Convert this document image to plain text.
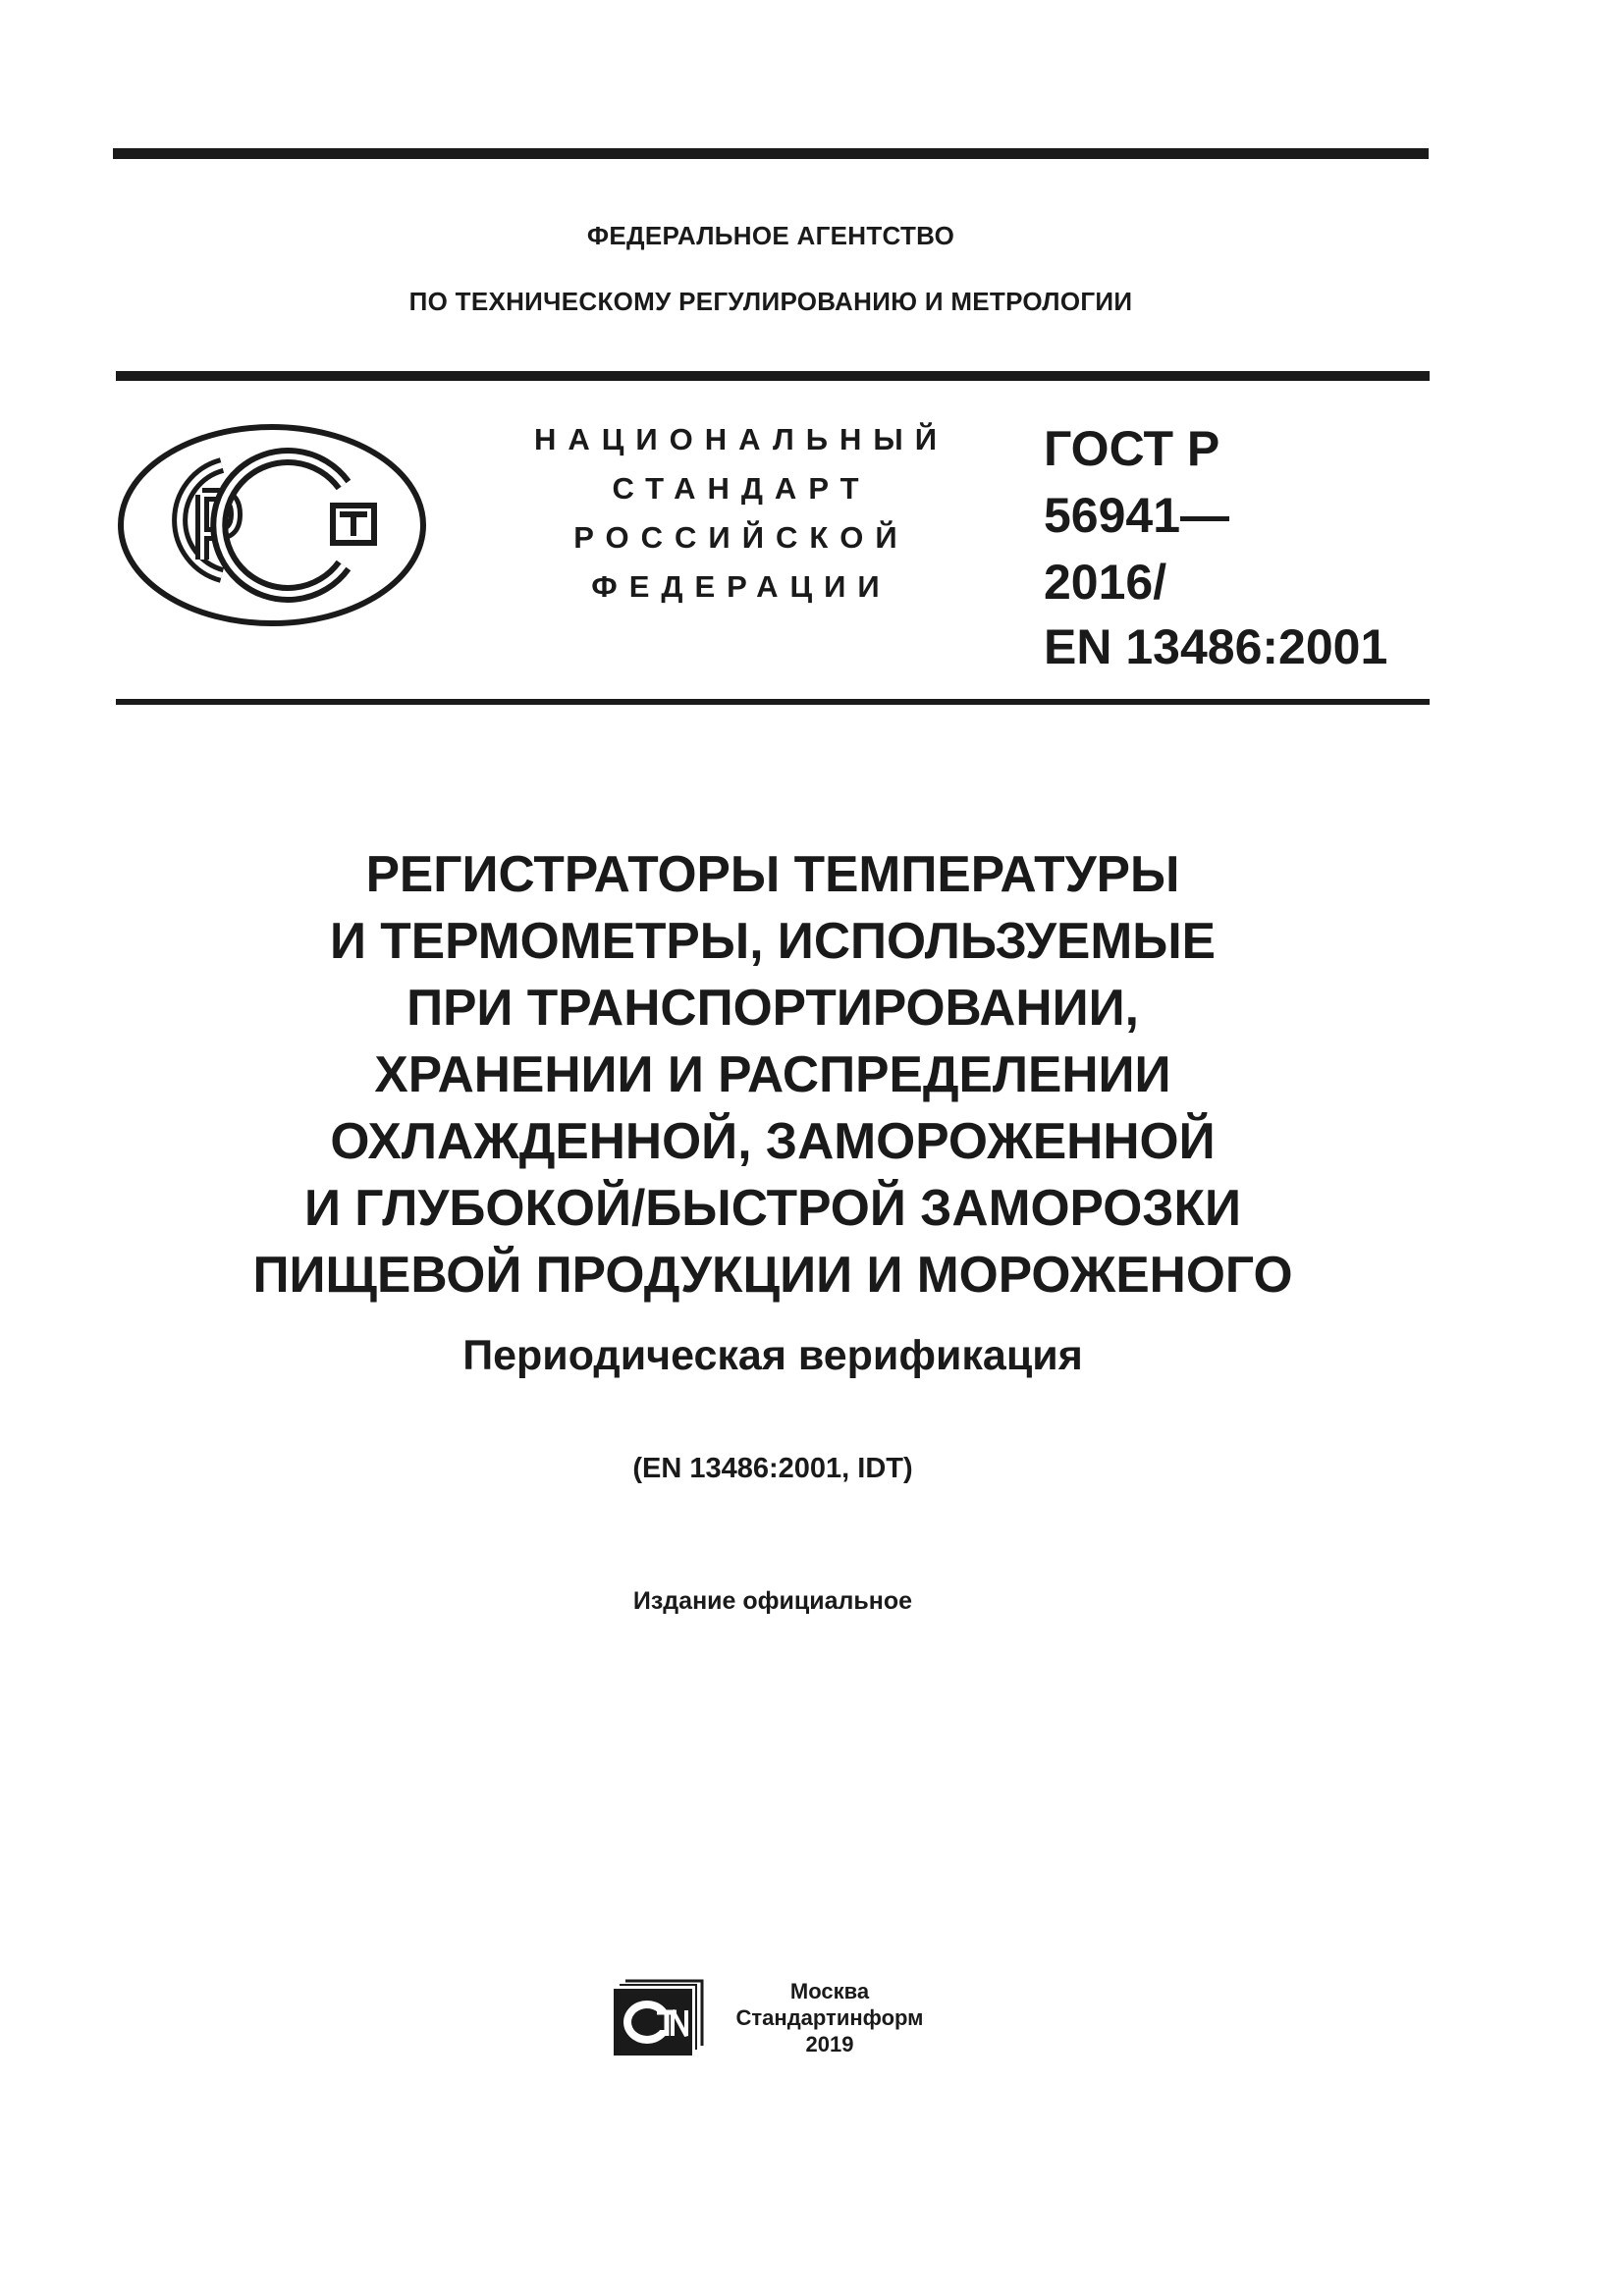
ФЕДЕРАЛЬНОЕ АГЕНТСТВО
ПО ТЕХНИЧЕСКОМУ РЕГУЛИРОВАНИЮ И МЕТРОЛОГИИ
НАЦИОНАЛЬНЫЙ
СТАНДАРТ
РОССИЙСКОЙ
ФЕДЕРАЦИИ
ГОСТ Р
56941—
2016/
EN 13486:2001
РЕГИСТРАТОРЫ ТЕМПЕРАТУРЫ
И ТЕРМОМЕТРЫ, ИСПОЛЬЗУЕМЫЕ
ПРИ ТРАНСПОРТИРОВАНИИ,
ХРАНЕНИИ И РАСПРЕДЕЛЕНИИ
ОХЛАЖДЕННОЙ, ЗАМОРОЖЕННОЙ
И ГЛУБОКОЙ/БЫСТРОЙ ЗАМОРОЗКИ
ПИЩЕВОЙ ПРОДУКЦИИ И МОРОЖЕНОГО
Периодическая верификация
(EN 13486:2001, IDT)
Издание официальное
Москва
Стандартинформ
2019
